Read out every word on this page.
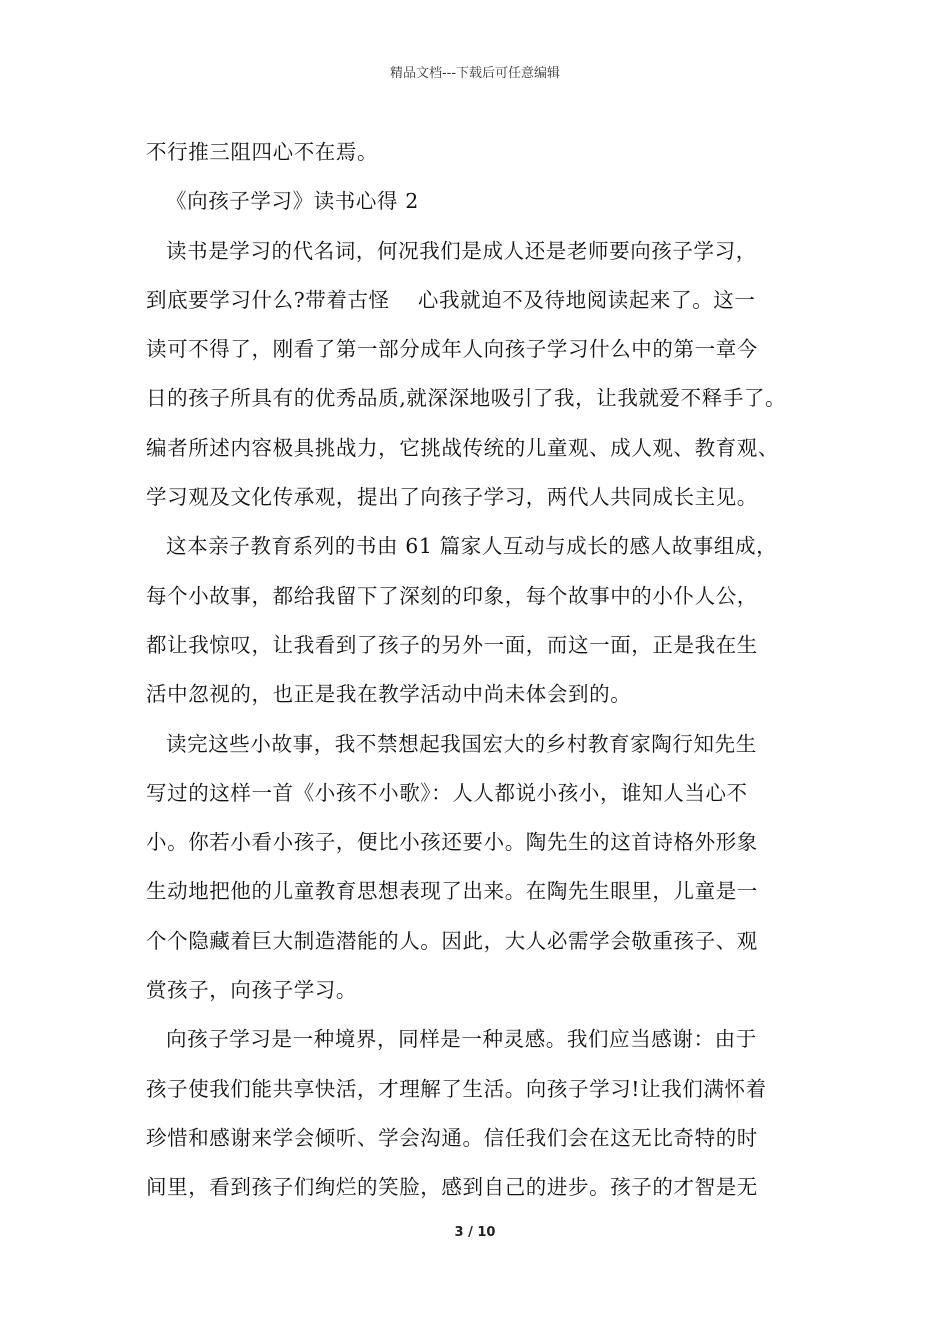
精品文档---下载后可任意编辑
不行推三阻四心不在焉。
《向孩子学习》读书心得 2
读书是学习的代名词，何况我们是成人还是老师要向孩子学习，
到底要学习什么?带着古怪　 心我就迫不及待地阅读起来了。这一
读可不得了，刚看了第一部分成年人向孩子学习什么中的第一章今
日的孩子所具有的优秀品质,就深深地吸引了我，让我就爱不释手了。
编者所述内容极具挑战力，它挑战传统的儿童观、成人观、教育观、
学习观及文化传承观，提出了向孩子学习，两代人共同成长主见。
这本亲子教育系列的书由 61 篇家人互动与成长的感人故事组成，
每个小故事，都给我留下了深刻的印象，每个故事中的小仆人公，
都让我惊叹，让我看到了孩子的另外一面，而这一面，正是我在生
活中忽视的，也正是我在教学活动中尚未体会到的。
读完这些小故事，我不禁想起我国宏大的乡村教育家陶行知先生
写过的这样一首《小孩不小歌》：人人都说小孩小，谁知人当心不
小。你若小看小孩子，便比小孩还要小。陶先生的这首诗格外形象
生动地把他的儿童教育思想表现了出来。在陶先生眼里，儿童是一
个个隐藏着巨大制造潜能的人。因此，大人必需学会敬重孩子、观
赏孩子，向孩子学习。
向孩子学习是一种境界，同样是一种灵感。我们应当感谢：由于
孩子使我们能共享快活，才理解了生活。向孩子学习!让我们满怀着
珍惜和感谢来学会倾听、学会沟通。信任我们会在这无比奇特的时
间里，看到孩子们绚烂的笑脸，感到自己的进步。孩子的才智是无
3 / 10
